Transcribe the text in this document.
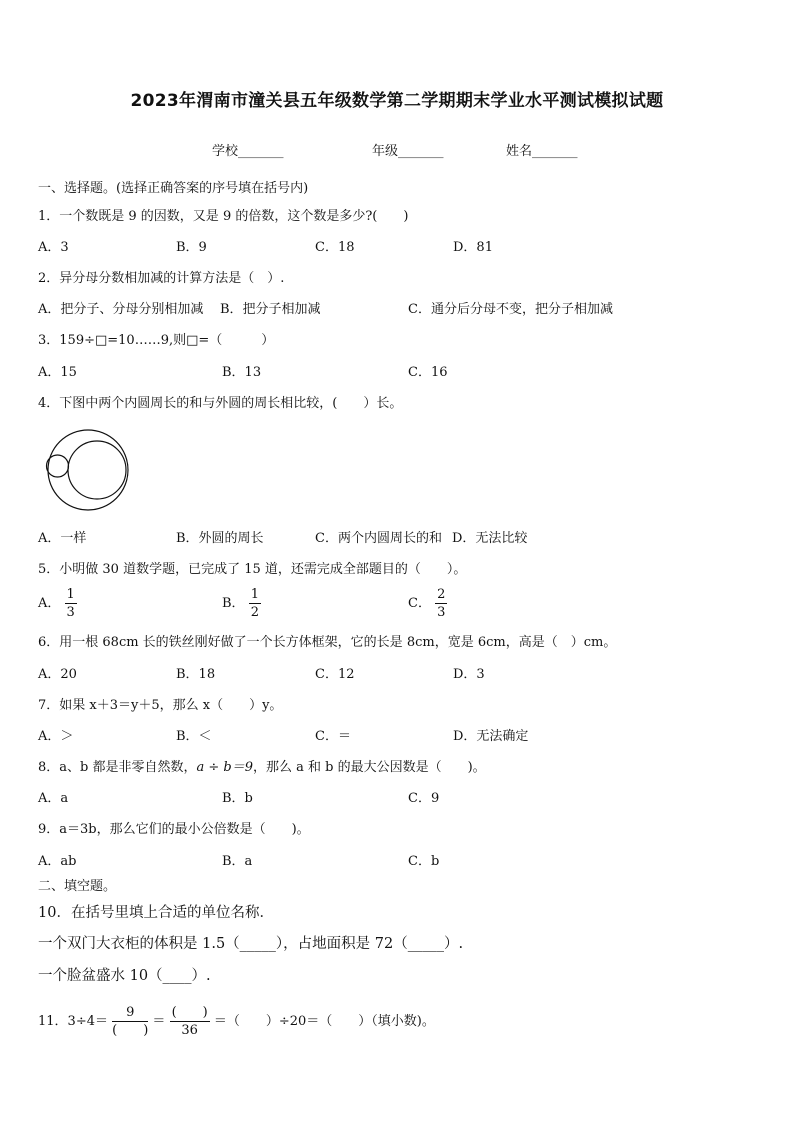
2023年渭南市潼关县五年级数学第二学期期末学业水平测试模拟试题
学校_______	年级_______	姓名_______
一、选择题。(选择正确答案的序号填在括号内)
1．一个数既是 9 的因数，又是 9 的倍数，这个数是多少?(　　)
A．3	B．9	C．18	D．81
2．异分母分数相加减的计算方法是（　）.
A．把分子、分母分别相加减 B．把分子相加减	C．通分后分母不变，把分子相加减
3．159÷□=10……9,则□=（　　　）
A．15	B．13	C．16
4．下图中两个内圆周长的和与外圆的周长相比较，(　　）长。
A．一样	B．外圆的周长	C．两个内圆周长的和 D．无法比较
5．小明做 30 道数学题，已完成了 15 道，还需完成全部题目的（　　）。
A． $\frac{1}{3}$	B． $\frac{1}{2}$	C． $\frac{2}{3}$
6．用一根 68cm 长的铁丝刚好做了一个长方体框架，它的长是 8cm，宽是 6cm，高是（　）cm。
A．20	B．18	C．12	D．3
7．如果 x＋3＝y＋5，那么 x（　　）y。
A．＞	B．＜	C．＝	D．无法确定
8．a、b 都是非零自然数，a ÷ b＝9，那么 a 和 b 的最大公因数是（　　)。
A．a	B．b	C．9
9．a＝3b，那么它们的最小公倍数是（　　)。
A．ab	B．a	C．b
二、填空题。
10．在括号里填上合适的单位名称．
一个双门大衣柜的体积是 1.5（_____），占地面积是 72（_____）.
一个脸盆盛水 10（____）.
11．$3\div 4= \frac{9}{( )} = \frac{( )}{36}$ ＝（　　）÷20＝（　　）（填小数)。
